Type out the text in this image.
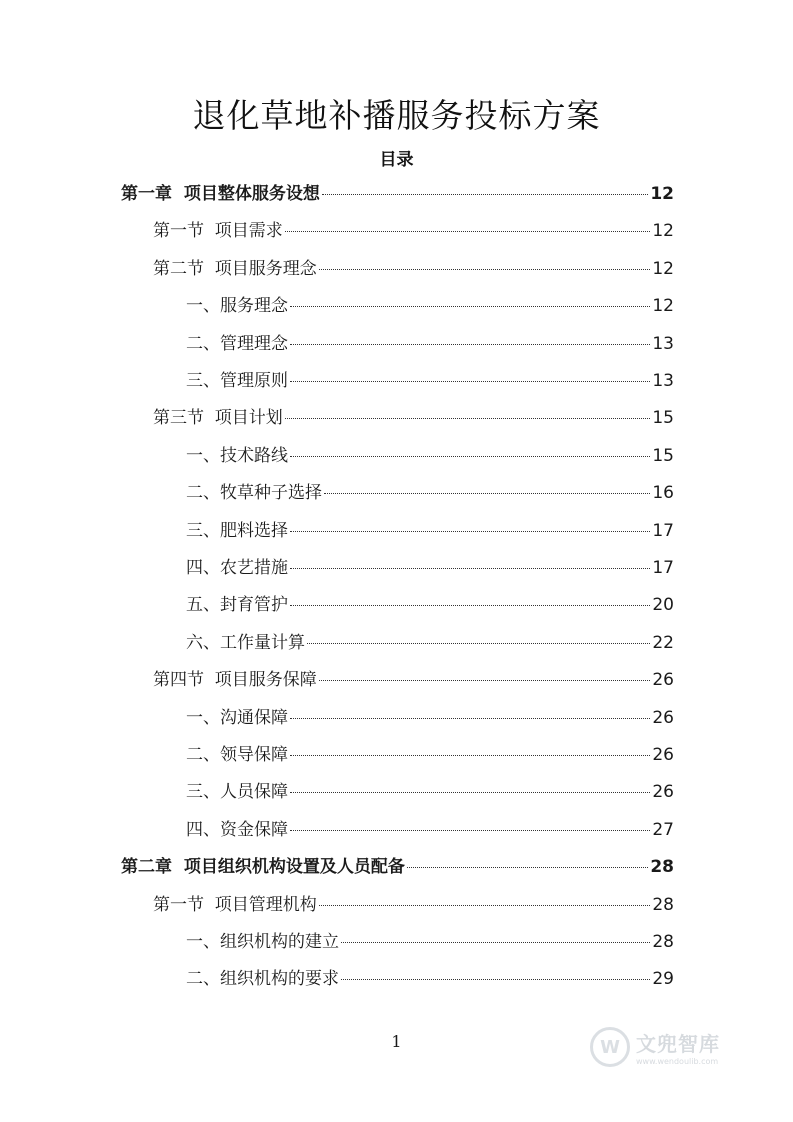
退化草地补播服务投标方案
目录
第一章  项目整体服务设想	12
第一节  项目需求	12
第二节  项目服务理念	12
一、服务理念	12
二、管理理念	13
三、管理原则	13
第三节  项目计划	15
一、技术路线	15
二、牧草种子选择	16
三、肥料选择	17
四、农艺措施	17
五、封育管护	20
六、工作量计算	22
第四节  项目服务保障	26
一、沟通保障	26
二、领导保障	26
三、人员保障	26
四、资金保障	27
第二章  项目组织机构设置及人员配备	28
第一节  项目管理机构	28
一、组织机构的建立	28
二、组织机构的要求	29
1	W 文兜智库
www.wendoulib.com
